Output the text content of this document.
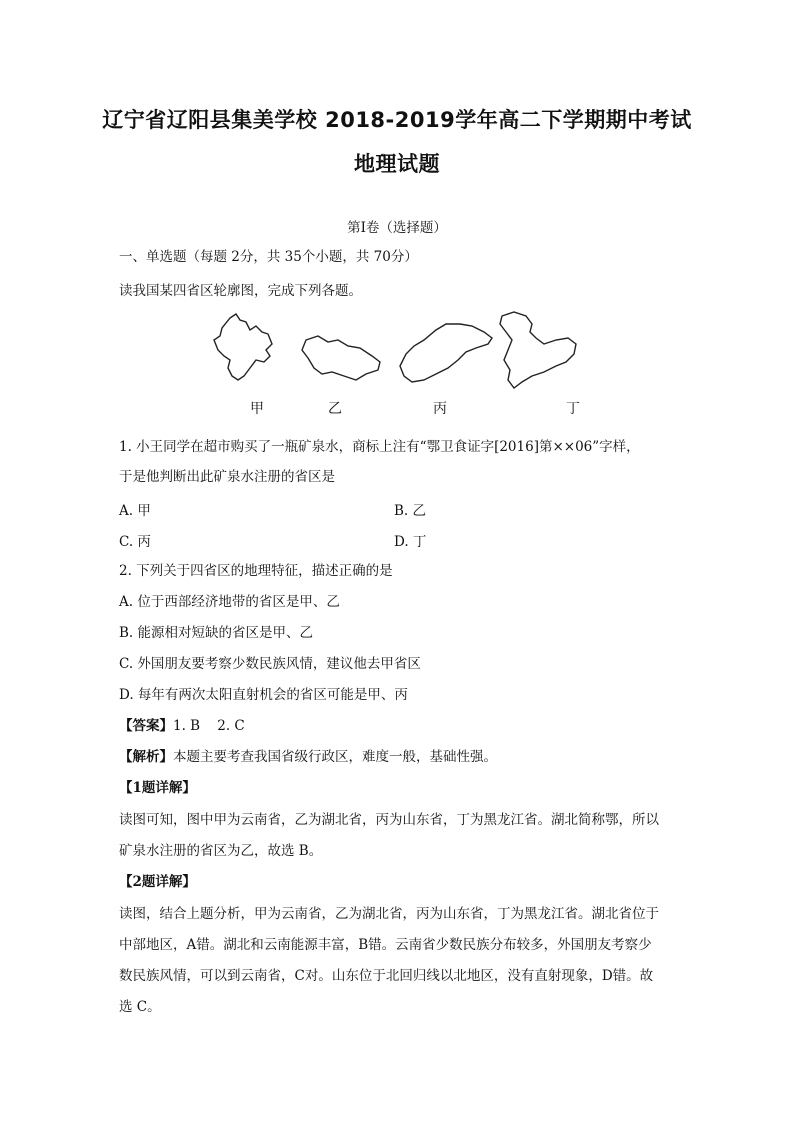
辽宁省辽阳县集美学校 2018-2019学年高二下学期期中考试
地理试题
第Ⅰ卷（选择题）
一、单选题（每题 2分，共 35个小题，共 70分）
读我国某四省区轮廓图，完成下列各题。
甲	乙	丙	丁
1. 小王同学在超市购买了一瓶矿泉水，商标上注有“鄂卫食证字[2016]第××06”字样，
于是他判断出此矿泉水注册的省区是
A. 甲	B. 乙
C. 丙	D. 丁
2. 下列关于四省区的地理特征，描述正确的是
A. 位于西部经济地带的省区是甲、乙
B. 能源相对短缺的省区是甲、乙
C. 外国朋友要考察少数民族风情，建议他去甲省区
D. 每年有两次太阳直射机会的省区可能是甲、丙
【答案】1. B    2. C
【解析】本题主要考查我国省级行政区，难度一般，基础性强。
【1题详解】
读图可知，图中甲为云南省，乙为湖北省，丙为山东省，丁为黑龙江省。湖北简称鄂，所以
矿泉水注册的省区为乙，故选 B。
【2题详解】
读图，结合上题分析，甲为云南省，乙为湖北省，丙为山东省，丁为黑龙江省。湖北省位于
中部地区，A错。湖北和云南能源丰富，B错。云南省少数民族分布较多，外国朋友考察少
数民族风情，可以到云南省，C对。山东位于北回归线以北地区，没有直射现象，D错。故
选 C。
